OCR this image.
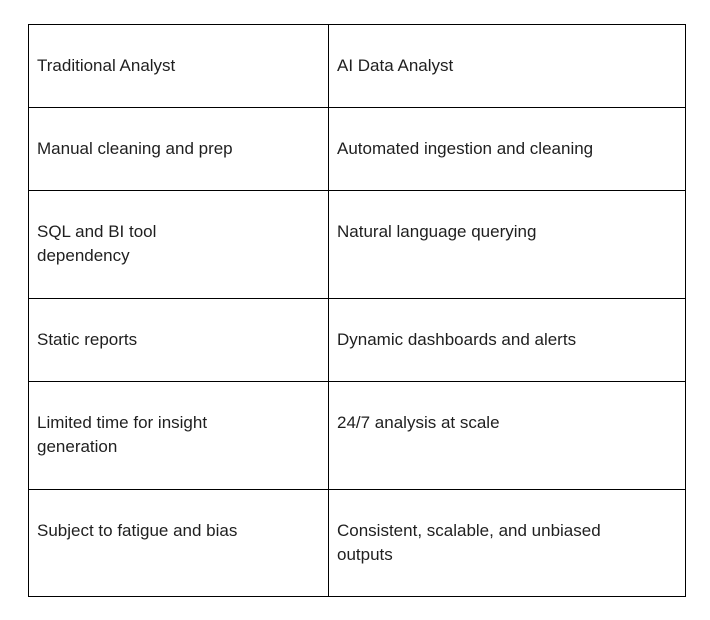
Traditional Analyst	AI Data Analyst
Manual cleaning and prep	Automated ingestion and cleaning
SQL and BI tool dependency	Natural language querying
Static reports	Dynamic dashboards and alerts
Limited time for insight generation	24/7 analysis at scale
Subject to fatigue and bias	Consistent, scalable, and unbiased outputs
